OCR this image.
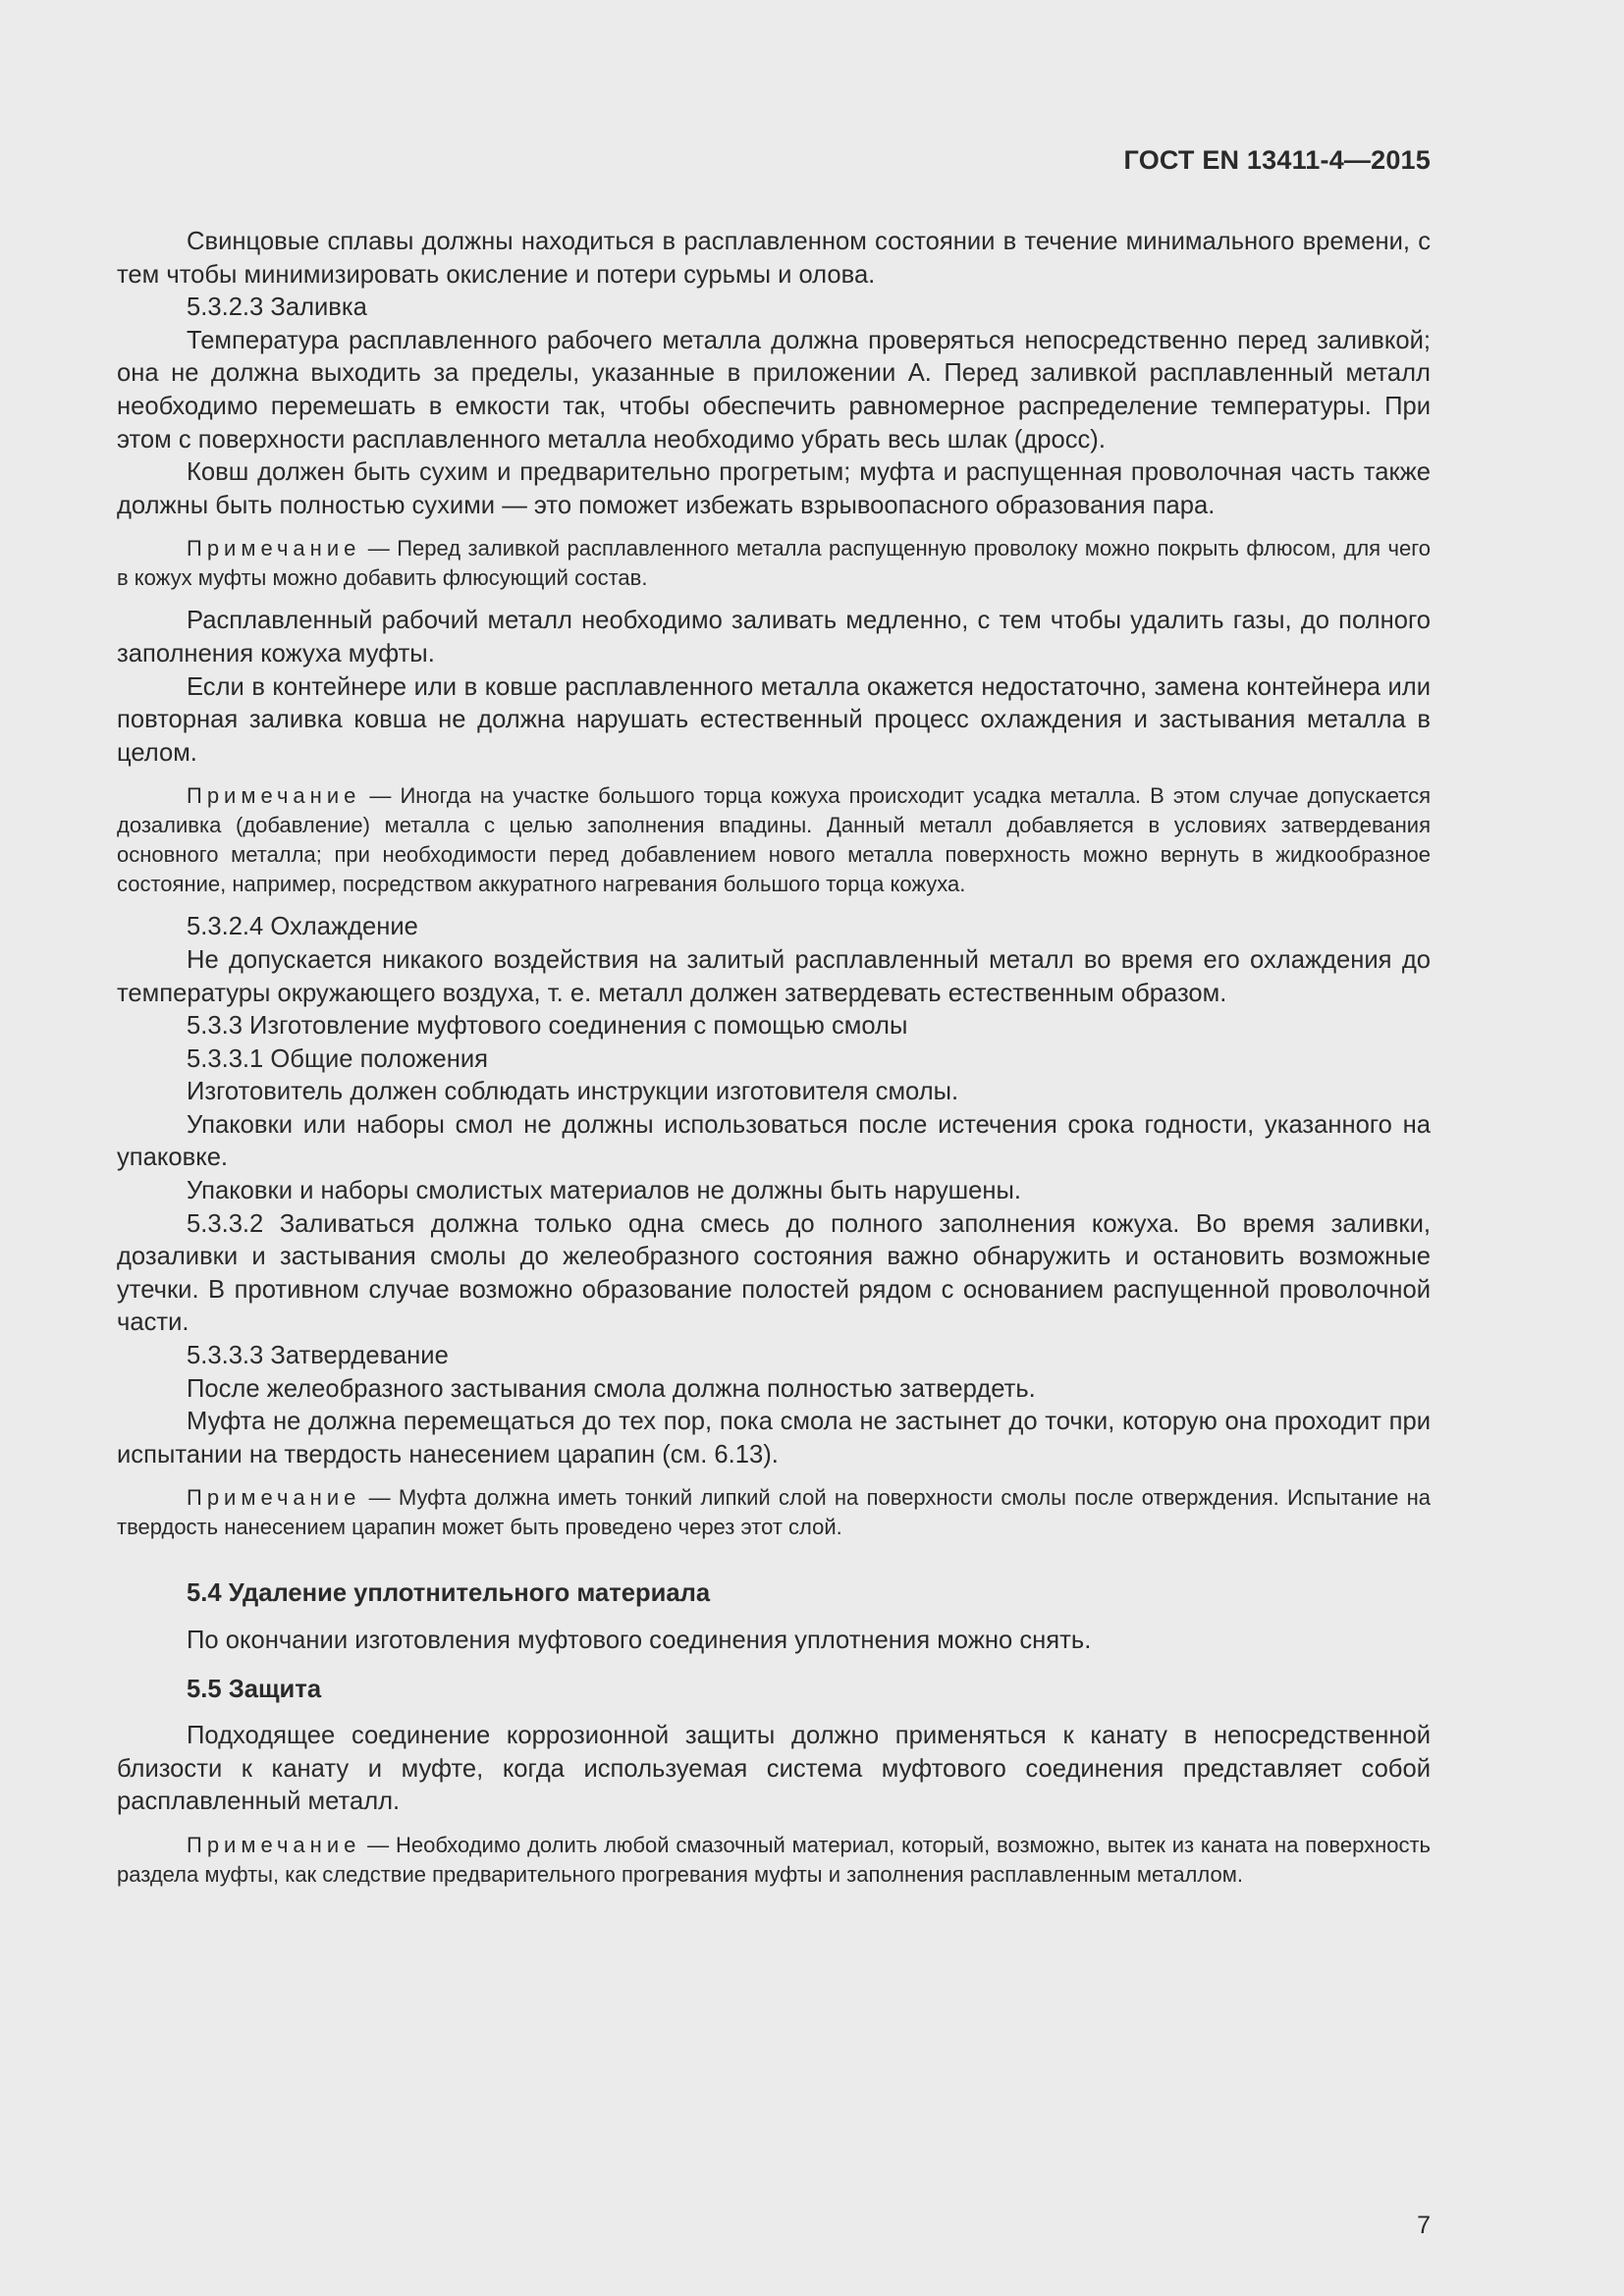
ГОСТ EN 13411-4—2015

Свинцовые сплавы должны находиться в расплавленном состоянии в течение минимального времени, с тем чтобы минимизировать окисление и потери сурьмы и олова.

5.3.2.3 Заливка

Температура расплавленного рабочего металла должна проверяться непосредственно перед заливкой; она не должна выходить за пределы, указанные в приложении А. Перед заливкой расплавленный металл необходимо перемешать в емкости так, чтобы обеспечить равномерное распределение температуры. При этом с поверхности расплавленного металла необходимо убрать весь шлак (дросс).

Ковш должен быть сухим и предварительно прогретым; муфта и распущенная проволочная часть также должны быть полностью сухими — это поможет избежать взрывоопасного образования пара.

Примечание — Перед заливкой расплавленного металла распущенную проволоку можно покрыть флюсом, для чего в кожух муфты можно добавить флюсующий состав.

Расплавленный рабочий металл необходимо заливать медленно, с тем чтобы удалить газы, до полного заполнения кожуха муфты.

Если в контейнере или в ковше расплавленного металла окажется недостаточно, замена контейнера или повторная заливка ковша не должна нарушать естественный процесс охлаждения и застывания металла в целом.

Примечание — Иногда на участке большого торца кожуха происходит усадка металла. В этом случае допускается дозаливка (добавление) металла с целью заполнения впадины. Данный металл добавляется в условиях затвердевания основного металла; при необходимости перед добавлением нового металла поверхность можно вернуть в жидкообразное состояние, например, посредством аккуратного нагревания большого торца кожуха.

5.3.2.4 Охлаждение

Не допускается никакого воздействия на залитый расплавленный металл во время его охлаждения до температуры окружающего воздуха, т. е. металл должен затвердевать естественным образом.

5.3.3 Изготовление муфтового соединения с помощью смолы

5.3.3.1 Общие положения

Изготовитель должен соблюдать инструкции изготовителя смолы.

Упаковки или наборы смол не должны использоваться после истечения срока годности, указанного на упаковке.

Упаковки и наборы смолистых материалов не должны быть нарушены.

5.3.3.2 Заливаться должна только одна смесь до полного заполнения кожуха. Во время заливки, дозаливки и застывания смолы до желеобразного состояния важно обнаружить и остановить возможные утечки. В противном случае возможно образование полостей рядом с основанием распущенной проволочной части.

5.3.3.3 Затвердевание

После желеобразного застывания смола должна полностью затвердеть.

Муфта не должна перемещаться до тех пор, пока смола не застынет до точки, которую она проходит при испытании на твердость нанесением царапин (см. 6.13).

Примечание — Муфта должна иметь тонкий липкий слой на поверхности смолы после отверждения. Испытание на твердость нанесением царапин может быть проведено через этот слой.

5.4 Удаление уплотнительного материала

По окончании изготовления муфтового соединения уплотнения можно снять.

5.5 Защита

Подходящее соединение коррозионной защиты должно применяться к канату в непосредственной близости к канату и муфте, когда используемая система муфтового соединения представляет собой расплавленный металл.

Примечание — Необходимо долить любой смазочный материал, который, возможно, вытек из каната на поверхность раздела муфты, как следствие предварительного прогревания муфты и заполнения расплавленным металлом.

7
